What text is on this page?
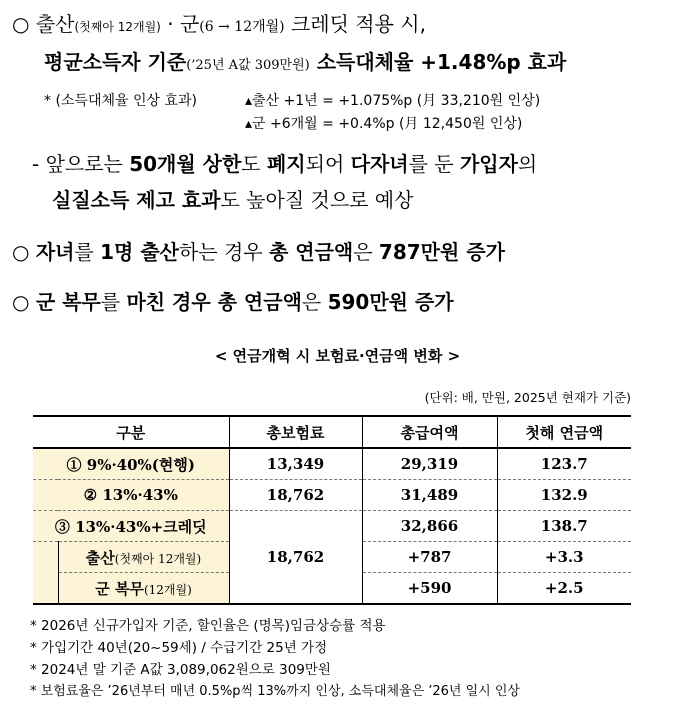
○ 출산(첫째아 12개월) · 군(6 → 12개월) 크레딧 적용 시,
평균소득자 기준(’25년 A값 309만원) 소득대체율 +1.48%p 효과
* (소득대체율 인상 효과)	▴출산 +1년 = +1.075%p (月 33,210원 인상)
▴군 +6개월 = +0.4%p (月 12,450원 인상)
- 앞으로는 50개월 상한도 폐지되어 다자녀를 둔 가입자의
실질소득 제고 효과도 높아질 것으로 예상
○ 자녀를 1명 출산하는 경우 총 연금액은 787만원 증가
○ 군 복무를 마친 경우 총 연금액은 590만원 증가
< 연금개혁 시 보험료·연금액 변화 >
(단위: 배, 만원, 2025년 현재가 기준)
구분		총보험료	총급여액	첫해 연금액
① 9%·40%(현행)		13,349	29,319	123.7
② 13%·43%		18,762	31,489	132.9
③ 13%·43%+크레딧		18,762	32,866	138.7
	출산(첫째아 12개월)		+787	+3.3
	군 복무(12개월)		+590	+2.5
* 2026년 신규가입자 기준, 할인율은 (명목)임금상승률 적용
* 가입기간 40년(20~59세) / 수급기간 25년 가정
* 2024년 말 기준 A값 3,089,062원으로 309만원
* 보험료율은 ’26년부터 매년 0.5%p씩 13%까지 인상, 소득대체율은 ’26년 일시 인상
